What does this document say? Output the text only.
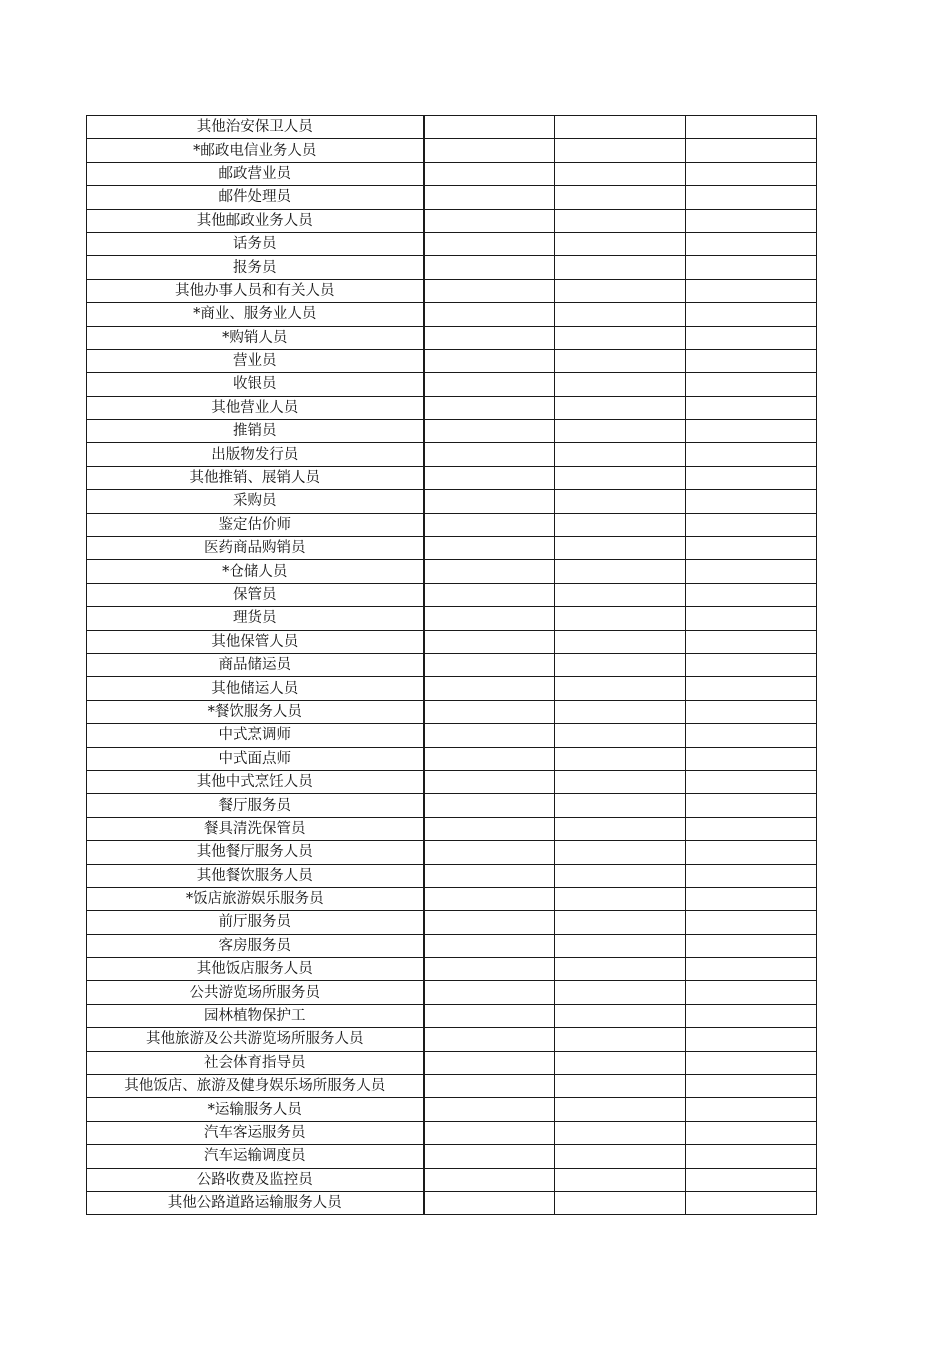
其他治安保卫人员			
*邮政电信业务人员			
邮政营业员			
邮件处理员			
其他邮政业务人员			
话务员			
报务员			
其他办事人员和有关人员			
*商业、服务业人员			
*购销人员			
营业员			
收银员			
其他营业人员			
推销员			
出版物发行员			
其他推销、展销人员			
采购员			
鉴定估价师			
医药商品购销员			
*仓储人员			
保管员			
理货员			
其他保管人员			
商品储运员			
其他储运人员			
*餐饮服务人员			
中式烹调师			
中式面点师			
其他中式烹饪人员			
餐厅服务员			
餐具清洗保管员			
其他餐厅服务人员			
其他餐饮服务人员			
*饭店旅游娱乐服务员			
前厅服务员			
客房服务员			
其他饭店服务人员			
公共游览场所服务员			
园林植物保护工			
其他旅游及公共游览场所服务人员			
社会体育指导员			
其他饭店、旅游及健身娱乐场所服务人员			
*运输服务人员			
汽车客运服务员			
汽车运输调度员			
公路收费及监控员			
其他公路道路运输服务人员			
